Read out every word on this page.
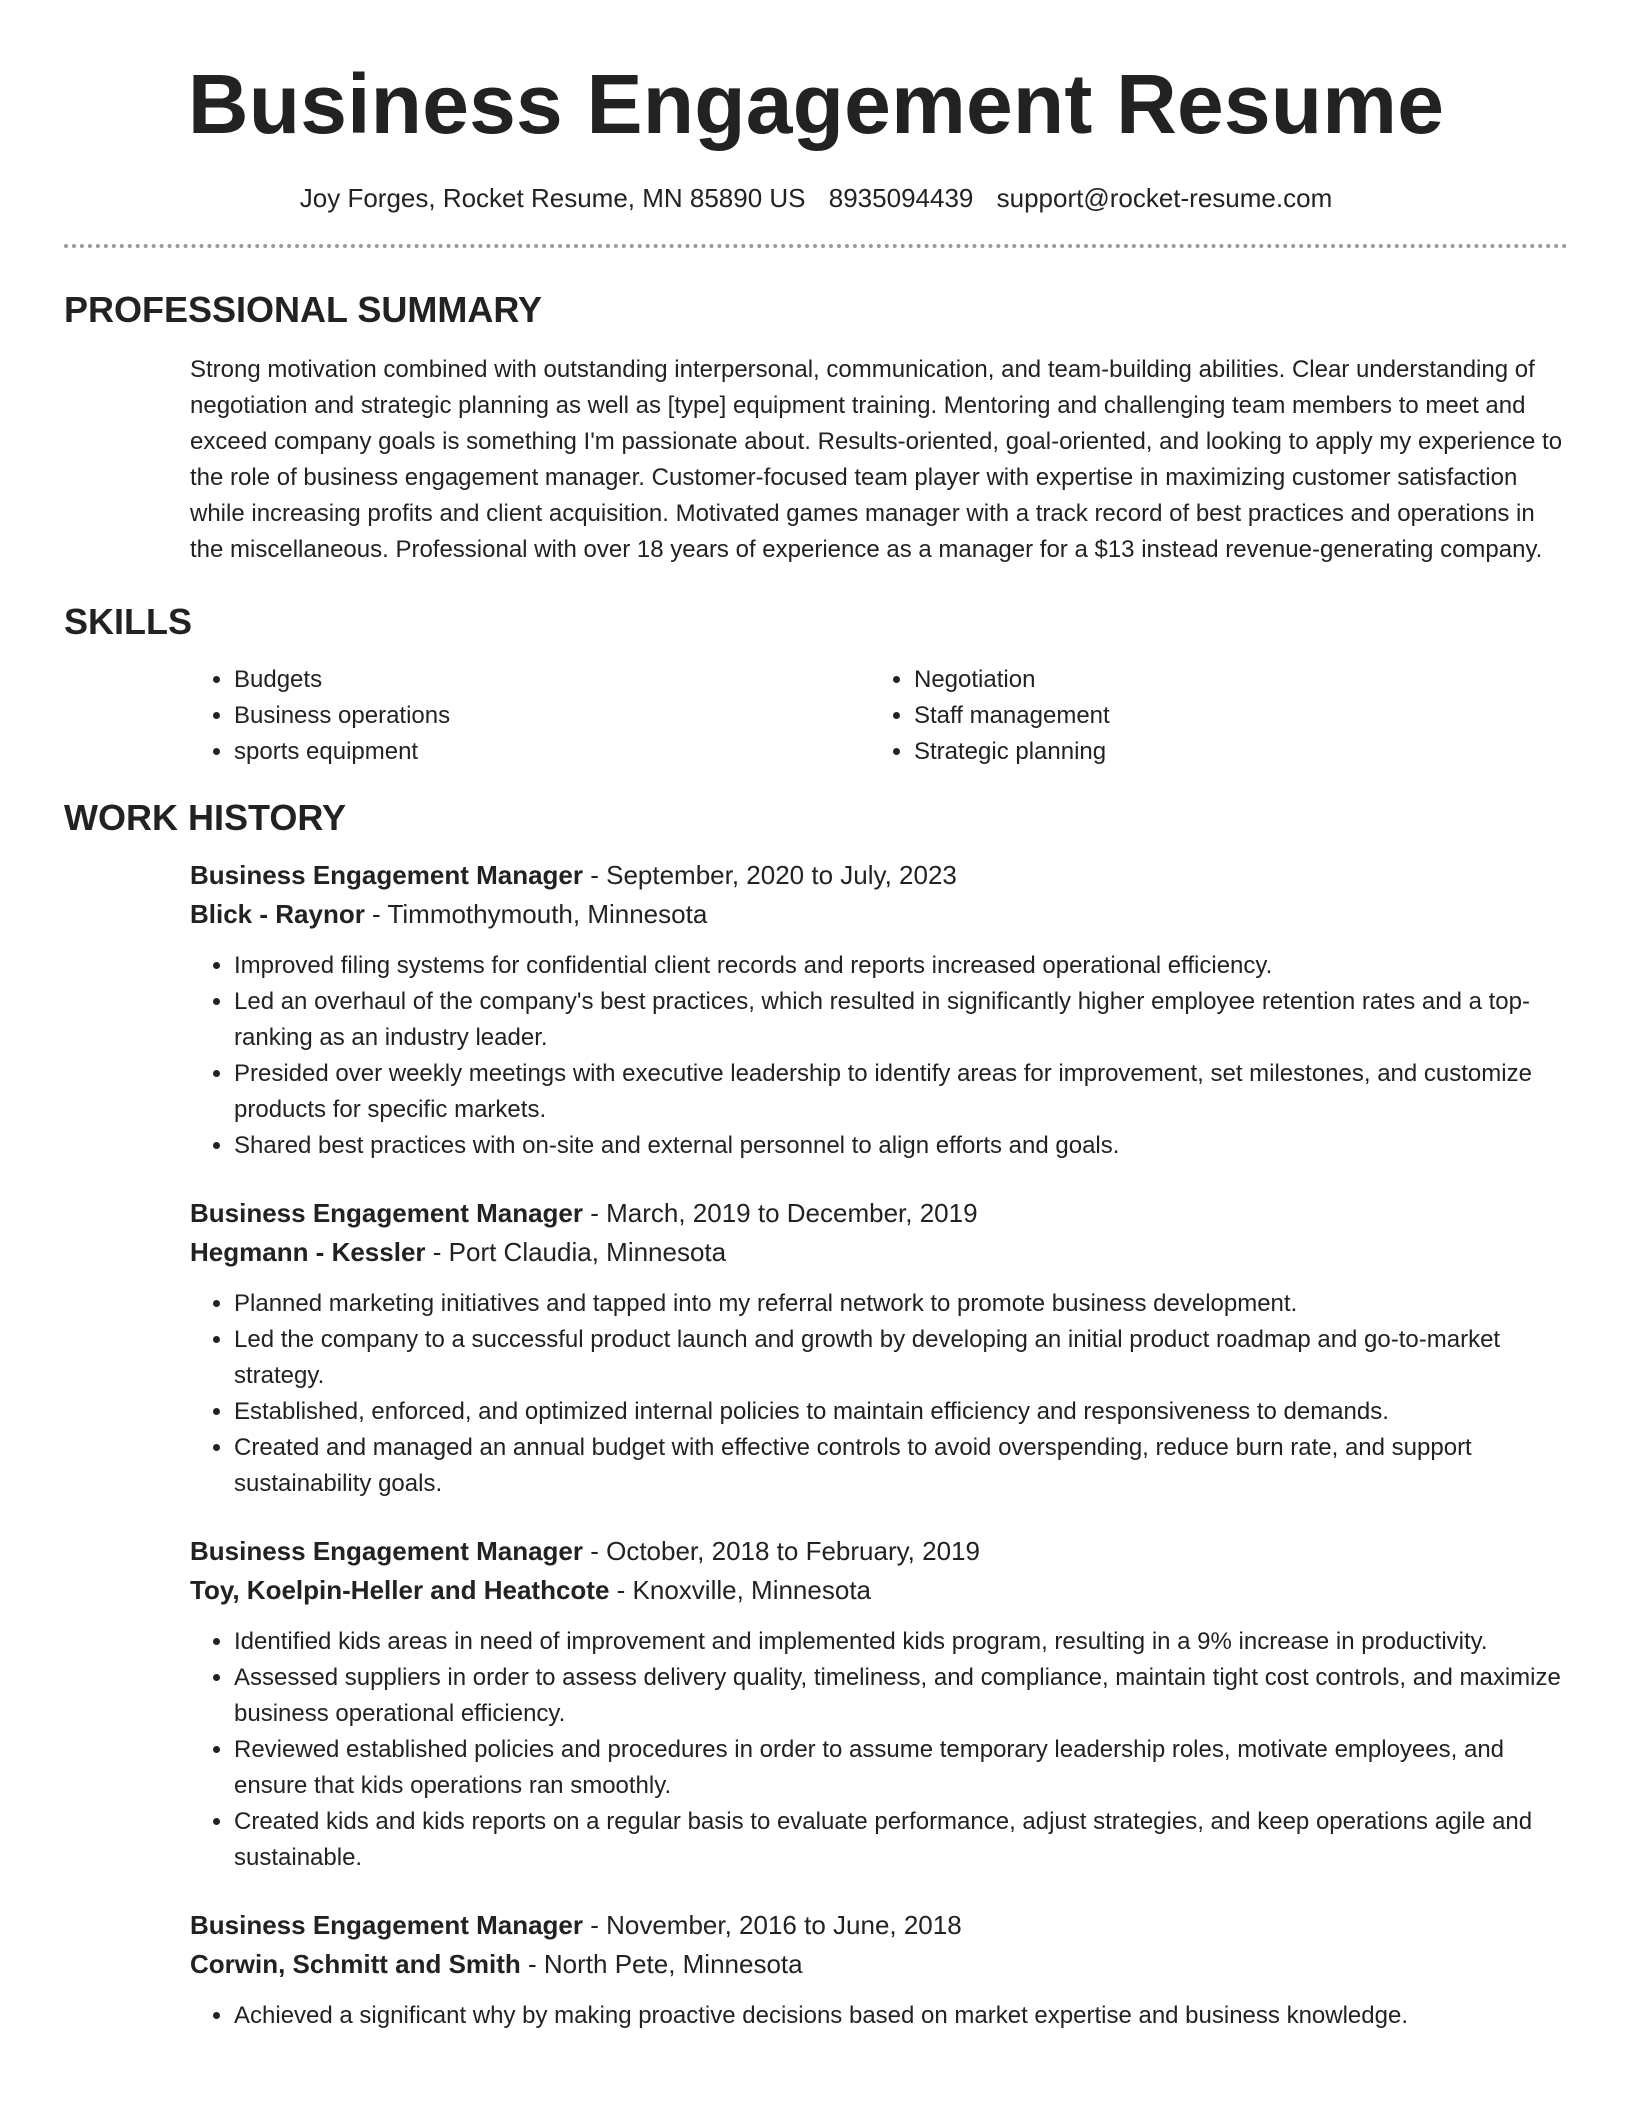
Business Engagement Resume
Joy Forges, Rocket Resume, MN 85890 US 8935094439 support@rocket-resume.com
PROFESSIONAL SUMMARY

Strong motivation combined with outstanding interpersonal, communication, and team-building abilities. Clear understanding of negotiation and strategic planning as well as [type] equipment training. Mentoring and challenging team members to meet and exceed company goals is something I'm passionate about. Results-oriented, goal-oriented, and looking to apply my experience to the role of business engagement manager. Customer-focused team player with expertise in maximizing customer satisfaction while increasing profits and client acquisition. Motivated games manager with a track record of best practices and operations in the miscellaneous. Professional with over 18 years of experience as a manager for a $13 instead revenue-generating company.

SKILLS
• Budgets
• Business operations
• sports equipment
• Negotiation
• Staff management
• Strategic planning
WORK HISTORY
Business Engagement Manager - September, 2020 to July, 2023
Blick - Raynor - Timmothymouth, Minnesota
• Improved filing systems for confidential client records and reports increased operational efficiency.
• Led an overhaul of the company's best practices, which resulted in significantly higher employee retention rates and a top-ranking as an industry leader.
• Presided over weekly meetings with executive leadership to identify areas for improvement, set milestones, and customize products for specific markets.
• Shared best practices with on-site and external personnel to align efforts and goals.
Business Engagement Manager - March, 2019 to December, 2019
Hegmann - Kessler - Port Claudia, Minnesota
• Planned marketing initiatives and tapped into my referral network to promote business development.
• Led the company to a successful product launch and growth by developing an initial product roadmap and go-to-market strategy.
• Established, enforced, and optimized internal policies to maintain efficiency and responsiveness to demands.
• Created and managed an annual budget with effective controls to avoid overspending, reduce burn rate, and support sustainability goals.
Business Engagement Manager - October, 2018 to February, 2019
Toy, Koelpin-Heller and Heathcote - Knoxville, Minnesota
• Identified kids areas in need of improvement and implemented kids program, resulting in a 9% increase in productivity.
• Assessed suppliers in order to assess delivery quality, timeliness, and compliance, maintain tight cost controls, and maximize business operational efficiency.
• Reviewed established policies and procedures in order to assume temporary leadership roles, motivate employees, and ensure that kids operations ran smoothly.
• Created kids and kids reports on a regular basis to evaluate performance, adjust strategies, and keep operations agile and sustainable.
Business Engagement Manager - November, 2016 to June, 2018
Corwin, Schmitt and Smith - North Pete, Minnesota
• Achieved a significant why by making proactive decisions based on market expertise and business knowledge.
